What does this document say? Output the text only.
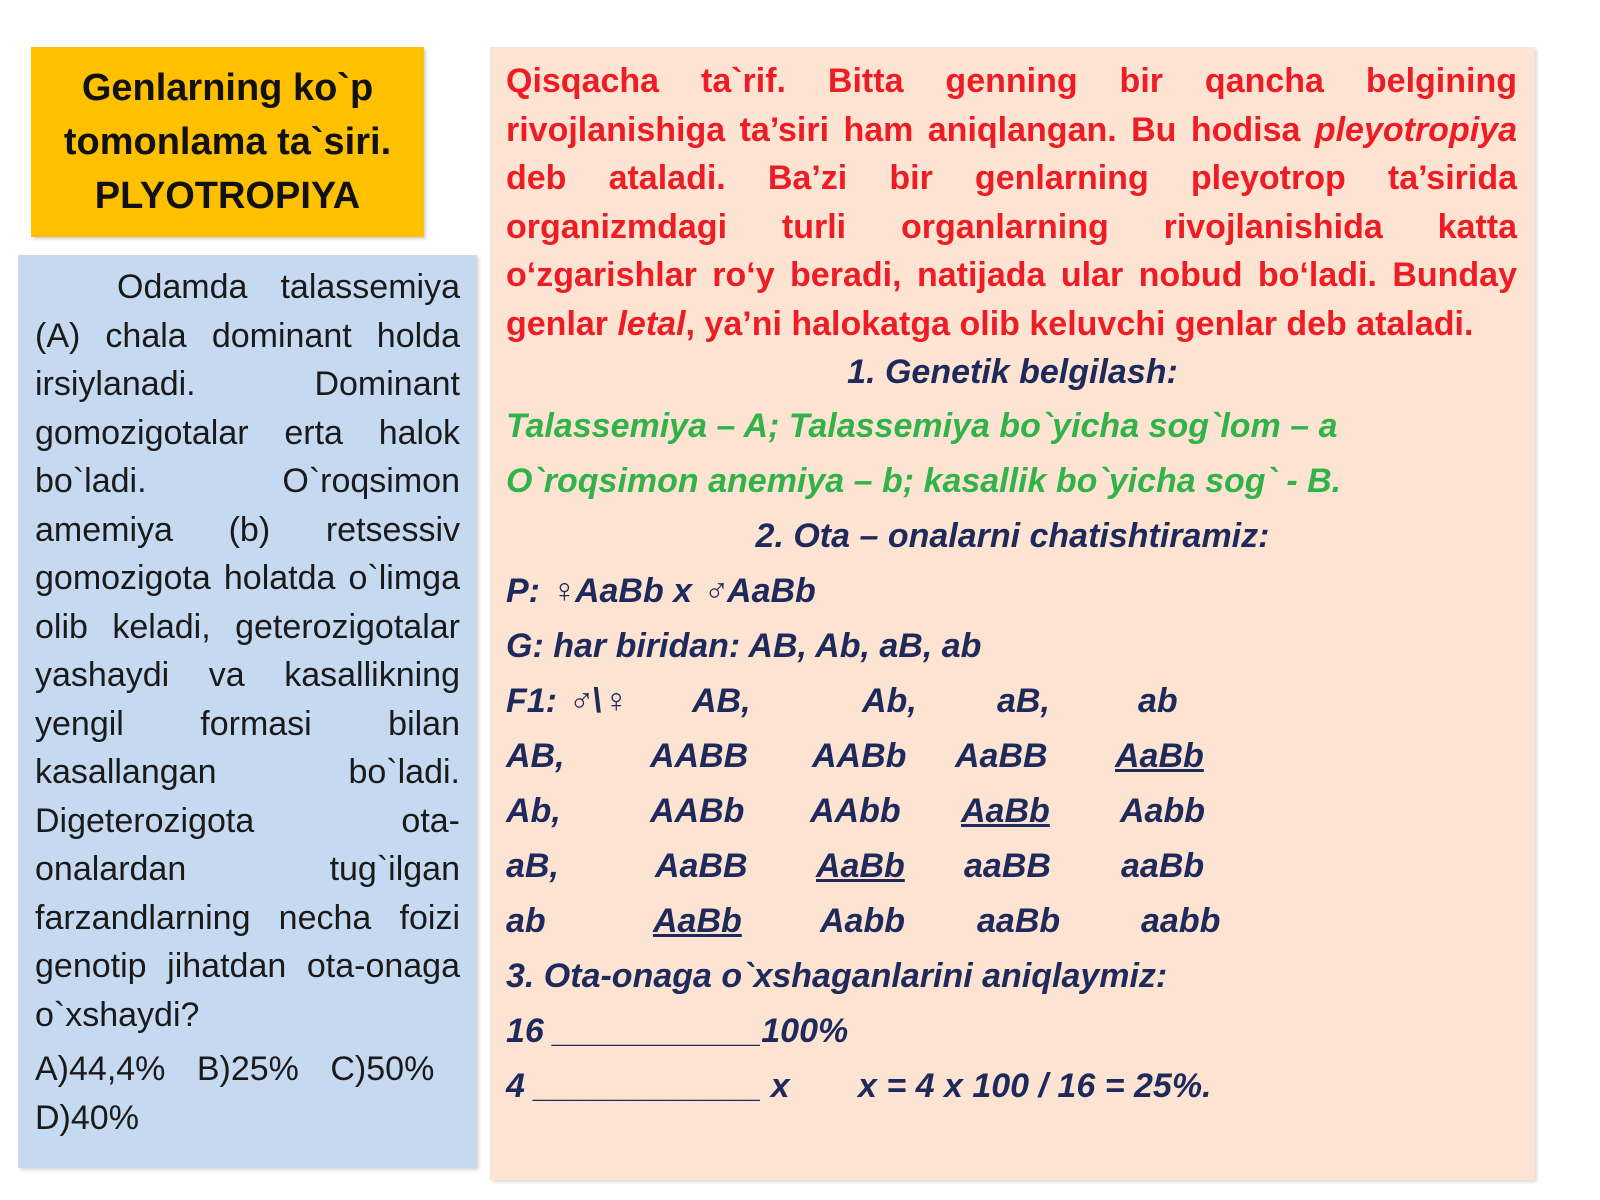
Genlarning ko`p
tomonlama ta`siri.
PLYOTROPIYA

Odamda talassemiya (A) chala dominant holda irsiylanadi. Dominant gomozigotalar erta halok bo`ladi. O`roqsimon amemiya (b) retsessiv gomozigota holatda o`limga olib keladi, geterozigotalar yashaydi va kasallikning yengil formasi bilan kasallangan bo`ladi. Digeterozigota ota-onalardan tug`ilgan farzandlarning necha foizi genotip jihatdan ota-onaga o`xshaydi?

A)44,4% B)25% C)50%
D)40%

Qisqacha ta`rif. Bitta genning bir qancha belgining rivojlanishiga ta’siri ham aniqlangan. Bu hodisa pleyotropiya deb ataladi. Ba’zi bir genlarning pleyotrop ta’sirida organizmdagi turli organlarning rivojlanishida katta o‘zgarishlar ro‘y beradi, natijada ular nobud bo‘ladi. Bunday genlar letal, ya’ni halokatga olib keluvchi genlar deb ataladi.

1. Genetik belgilash:
Talassemiya – A; Talassemiya bo`yicha sog`lom – a
O`roqsimon anemiya – b; kasallik bo`yicha sog` - B.
2. Ota – onalarni chatishtiramiz:
P: ♀AaBb x ♂AaBb
G: har biridan: AB, Ab, aB, ab
F1: ♂\♀ AB,	Ab, aB,	ab
AB,	AABB AABb AaBB AaBb
Ab,	AABb AAbb AaBb Aabb
aB,	AaBB AaBb aaBB aaBb
ab	AaBb Aabb aaBb aabb
3. Ota-onaga o`xshaganlarini aniqlaymiz:
16 ___________100%
4 ____________ x x = 4 x 100 / 16 = 25%.
